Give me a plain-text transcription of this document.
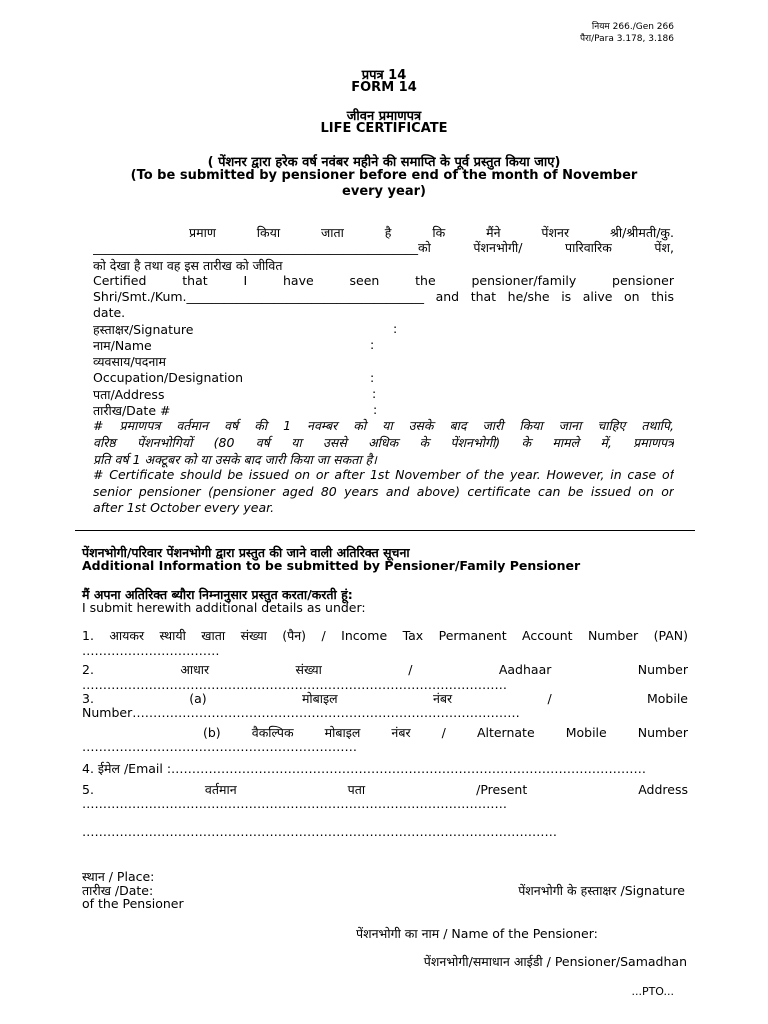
नियम 266./Gen 266
पैरा/Para 3.178, 3.186
प्रपत्र 14
FORM 14
जीवन प्रमाणपत्र
LIFE CERTIFICATE
( पेंशनर द्वारा हरेक वर्ष नवंबर महीने की समाप्ति के पूर्व प्रस्तुत किया जाए)
(To be submitted by pensioner before end of the month of November
every year)
प्रमाण किया जाता है कि मैंने पेंशनर श्री/श्रीमती/कु.
____________________________________________________को पेंशनभोगी/ पारिवारिक पेंश,
को देखा है तथा वह इस तारीख को जीवित
Certified that I have seen the pensioner/family pensioner
Shri/Smt./Kum.______________________________________ and that he/she is alive on this
date.
हस्ताक्षर/Signature	:
नाम/Name	:
व्यवसाय/पदनाम
Occupation/Designation	:
पता/Address	:
तारीख/Date #	:
# प्रमाणपत्र वर्तमान वर्ष की 1 नवम्बर को या उसके बाद जारी किया जाना चाहिए तथापि,
वरिष्ठ पेंशनभोगियों (80 वर्ष या उससे अधिक के पेंशनभोगी) के मामले में, प्रमाणपत्र
प्रति वर्ष 1 अक्टूबर को या उसके बाद जारी किया जा सकता है।
# Certificate should be issued on or after 1st November of the year. However, in case of
senior pensioner (pensioner aged 80 years and above) certificate can be issued on or
after 1st October every year.
पेंशनभोगी/परिवार पेंशनभोगी द्वारा प्रस्तुत की जाने वाली अतिरिक्त सूचना
Additional Information to be submitted by Pensioner/Family Pensioner
मैं अपना अतिरिक्त ब्यौरा निम्नानुसार प्रस्तुत करता/करती हूं:
I submit herewith additional details as under:
1. आयकर स्थायी खाता संख्या (पैन) / Income Tax Permanent Account Number (PAN)
……………………………
2. आधार संख्या / Aadhaar Number
…………………………………………………………………………………………
3. (a) मोबाइल नंबर / Mobile
Number…………………………………………………………………………………
(b) वैकल्पिक मोबाइल नंबर / Alternate Mobile Number
…………………………………………………………
4. ईमेल /Email :……………………………………………………………………………………………………
5. वर्तमान पता /Present Address
…………………………………………………………………………………………
……………………………………………………………………………………………………
स्थान / Place:
तारीख /Date:
of the Pensioner
पेंशनभोगी के हस्ताक्षर /Signature
पेंशनभोगी का नाम / Name of the Pensioner:
पेंशनभोगी/समाधान आईडी / Pensioner/Samadhan
...PTO...
